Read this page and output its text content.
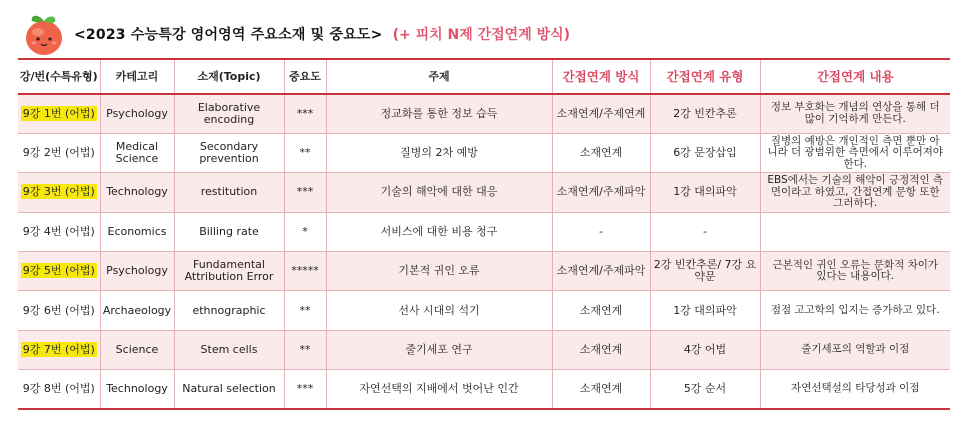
<2023 수능특강 영어영역 주요소재 및 중요도> (+ 피치 N제 간접연계 방식)
강/번(수특유형)	카테고리	소재(Topic)	중요도	주제	간접연계 방식	간접연계 유형	간접연계 내용
9강 1번 (어법)	Psychology	Elaborative encoding	***	정교화를 통한 정보 습득	소재연계/주제연계	2강 빈칸추론	정보 부호화는 개념의 연상을 통해 더 많이 기억하게 만든다.
9강 2번 (어법)	Medical Science	Secondary prevention	**	질병의 2차 예방	소재연계	6강 문장삽입	질병의 예방은 개인적인 측면 뿐만 아니라 더 광범위한 측면에서 이루어져야 한다.
9강 3번 (어법)	Technology	restitution	***	기술의 해악에 대한 대응	소재연계/주제파악	1강 대의파악	EBS에서는 기술의 해악이 긍정적인 측면이라고 하였고, 간접연계 문항 또한 그러하다.
9강 4번 (어법)	Economics	Billing rate	*	서비스에 대한 비용 청구	-	-	
9강 5번 (어법)	Psychology	Fundamental Attribution Error	*****	기본적 귀인 오류	소재연계/주제파악	2강 빈칸추론/ 7강 요약문	근본적인 귀인 오류는 문화적 차이가 있다는 내용이다.
9강 6번 (어법)	Archaeology	ethnographic	**	선사 시대의 석기	소재연계	1강 대의파악	점점 고고학의 입지는 증가하고 있다.
9강 7번 (어법)	Science	Stem cells	**	줄기세포 연구	소재연계	4강 어법	줄기세포의 역할과 이점
9강 8번 (어법)	Technology	Natural selection	***	자연선택의 지배에서 벗어난 인간	소재연계	5강 순서	자연선택설의 타당성과 이점
